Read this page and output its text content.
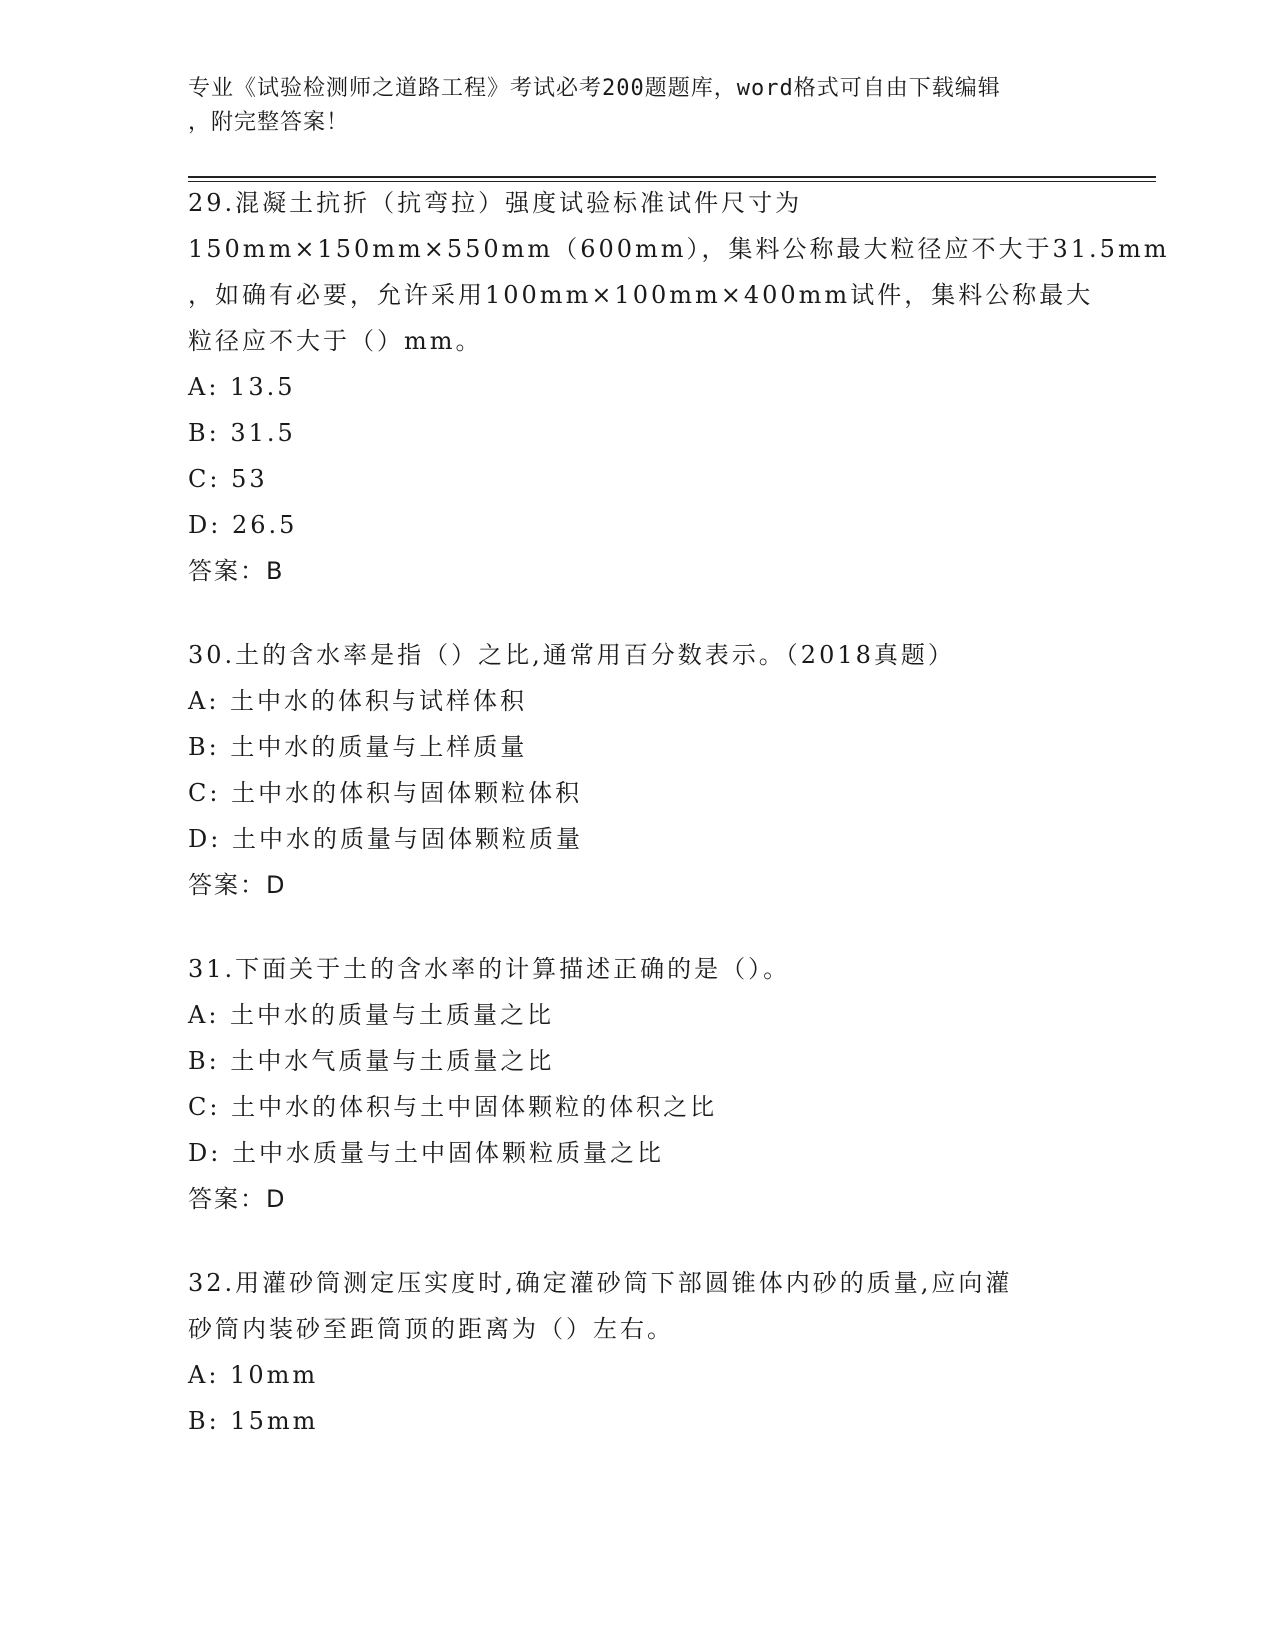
专业《试验检测师之道路工程》考试必考200题题库，word格式可自由下载编辑
，附完整答案！
29.混凝土抗折（抗弯拉）强度试验标准试件尺寸为
150mm×150mm×550mm（600mm），集料公称最大粒径应不大于31.5mm
，如确有必要，允许采用100mm×100mm×400mm试件，集料公称最大
粒径应不大于（）mm。
A: 13.5
B: 31.5
C: 53
D: 26.5
答案：B
30.土的含水率是指（）之比,通常用百分数表示。（2018真题）
A: 土中水的体积与试样体积
B: 土中水的质量与上样质量
C: 土中水的体积与固体颗粒体积
D: 土中水的质量与固体颗粒质量
答案：D
31.下面关于土的含水率的计算描述正确的是（）。
A: 土中水的质量与土质量之比
B: 土中水气质量与土质量之比
C: 土中水的体积与土中固体颗粒的体积之比
D: 土中水质量与土中固体颗粒质量之比
答案：D
32.用灌砂筒测定压实度时,确定灌砂筒下部圆锥体内砂的质量,应向灌
砂筒内装砂至距筒顶的距离为（）左右。
A: 10mm
B: 15mm
